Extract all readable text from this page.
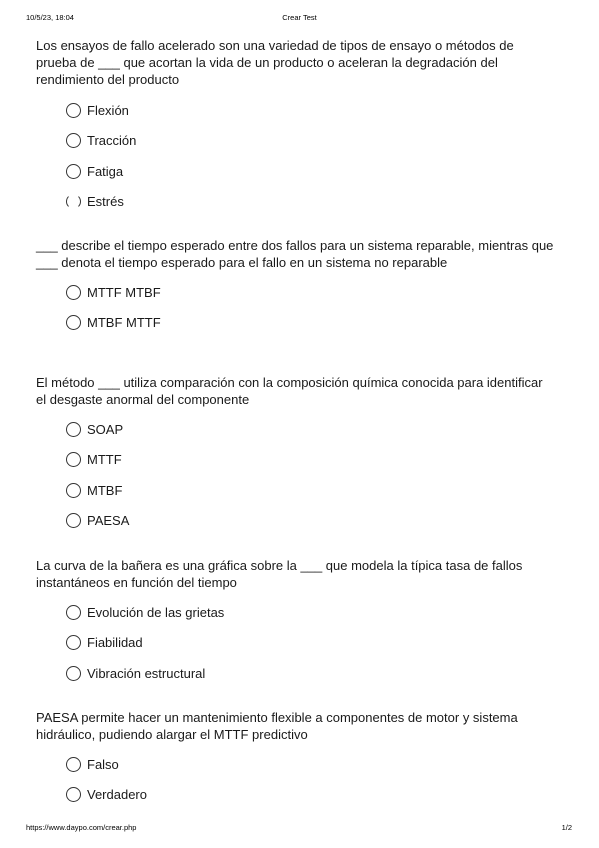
10/5/23, 18:04	Crear Test

Los ensayos de fallo acelerado son una variedad de tipos de ensayo o métodos de prueba de ___ que acortan la vida de un producto o aceleran la degradación del rendimiento del producto

Flexión
Tracción
Fatiga
Estrés

___ describe el tiempo esperado entre dos fallos para un sistema reparable, mientras que ___ denota el tiempo esperado para el fallo en un sistema no reparable

MTTF MTBF
MTBF MTTF

El método ___ utiliza comparación con la composición química conocida para identificar el desgaste anormal del componente

SOAP
MTTF
MTBF
PAESA

La curva de la bañera es una gráfica sobre la ___ que modela la típica tasa de fallos instantáneos en función del tiempo

Evolución de las grietas
Fiabilidad
Vibración estructural

PAESA permite hacer un mantenimiento flexible a componentes de motor y sistema hidráulico, pudiendo alargar el MTTF predictivo

Falso
Verdadero
https://www.daypo.com/crear.php	1/2
